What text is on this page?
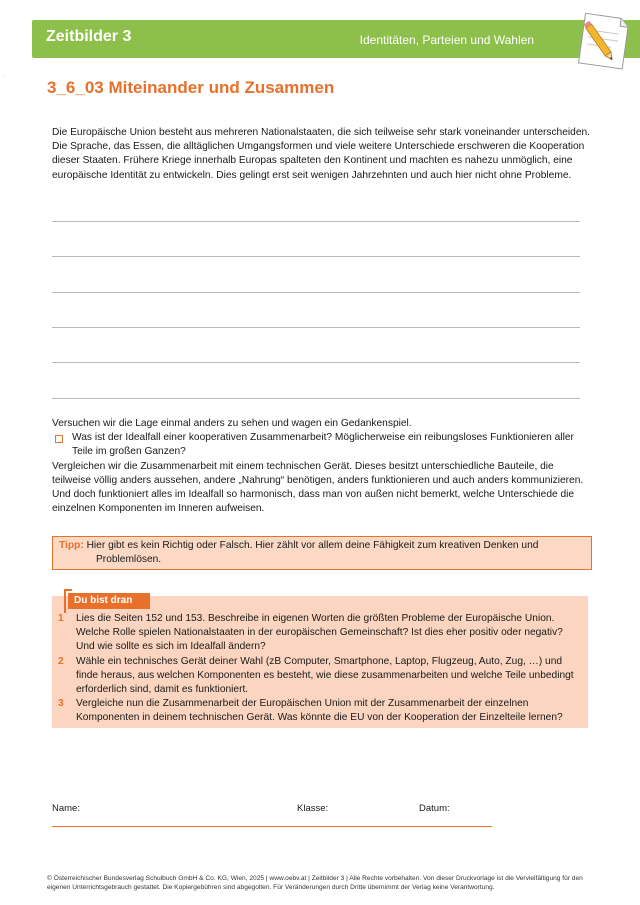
Zeitbilder 3	Identitäten, Parteien und Wahlen
·
3_6_03 Miteinander und Zusammen
Die Europäische Union besteht aus mehreren Nationalstaaten, die sich teilweise sehr stark voneinander unterscheiden. Die Sprache, das Essen, die alltäglichen Umgangsformen und viele weitere Unterschiede erschweren die Kooperation dieser Staaten. Frühere Kriege innerhalb Europas spalteten den Kontinent und machten es nahezu unmöglich, eine europäische Identität zu entwickeln. Dies gelingt erst seit wenigen Jahrzehnten und auch hier nicht ohne Probleme.

Versuchen wir die Lage einmal anders zu sehen und wagen ein Gedankenspiel.

Was ist der Idealfall einer kooperativen Zusammenarbeit? Möglicherweise ein reibungsloses Funktionieren aller Teile im großen Ganzen?

Vergleichen wir die Zusammenarbeit mit einem technischen Gerät. Dieses besitzt unterschiedliche Bauteile, die teilweise völlig anders aussehen, andere „Nahrung“ benötigen, anders funktionieren und auch anders kommunizieren. Und doch funktioniert alles im Idealfall so harmonisch, dass man von außen nicht bemerkt, welche Unterschiede die einzelnen Komponenten im Inneren aufweisen.

Tipp: Hier gibt es kein Richtig oder Falsch. Hier zählt vor allem deine Fähigkeit zum kreativen Denken und
Problemlösen.
Du bist dran
1 Lies die Seiten 152 und 153. Beschreibe in eigenen Worten die größten Probleme der Europäische Union. Welche Rolle spielen Nationalstaaten in der europäischen Gemeinschaft? Ist dies eher positiv oder negativ? Und wie sollte es sich im Idealfall ändern?
2 Wähle ein technisches Gerät deiner Wahl (zB Computer, Smartphone, Laptop, Flugzeug, Auto, Zug, …) und finde heraus, aus welchen Komponenten es besteht, wie diese zusammenarbeiten und welche Teile unbedingt erforderlich sind, damit es funktioniert.
3 Vergleiche nun die Zusammenarbeit der Europäischen Union mit der Zusammenarbeit der einzelnen Komponenten in deinem technischen Gerät. Was könnte die EU von der Kooperation der Einzelteile lernen?
Name:	Klasse:	Datum:
© Österreichischer Bundesverlag Schulbuch GmbH & Co. KG, Wien, 2025 | www.oebv.at | Zeitbilder 3 | Alle Rechte vorbehalten. Von dieser Druckvorlage ist die Vervielfältigung für den eigenen Unterrichtsgebrauch gestattet. Die Kopiergebühren sind abgegolten. Für Veränderungen durch Dritte übernimmt der Verlag keine Verantwortung.
